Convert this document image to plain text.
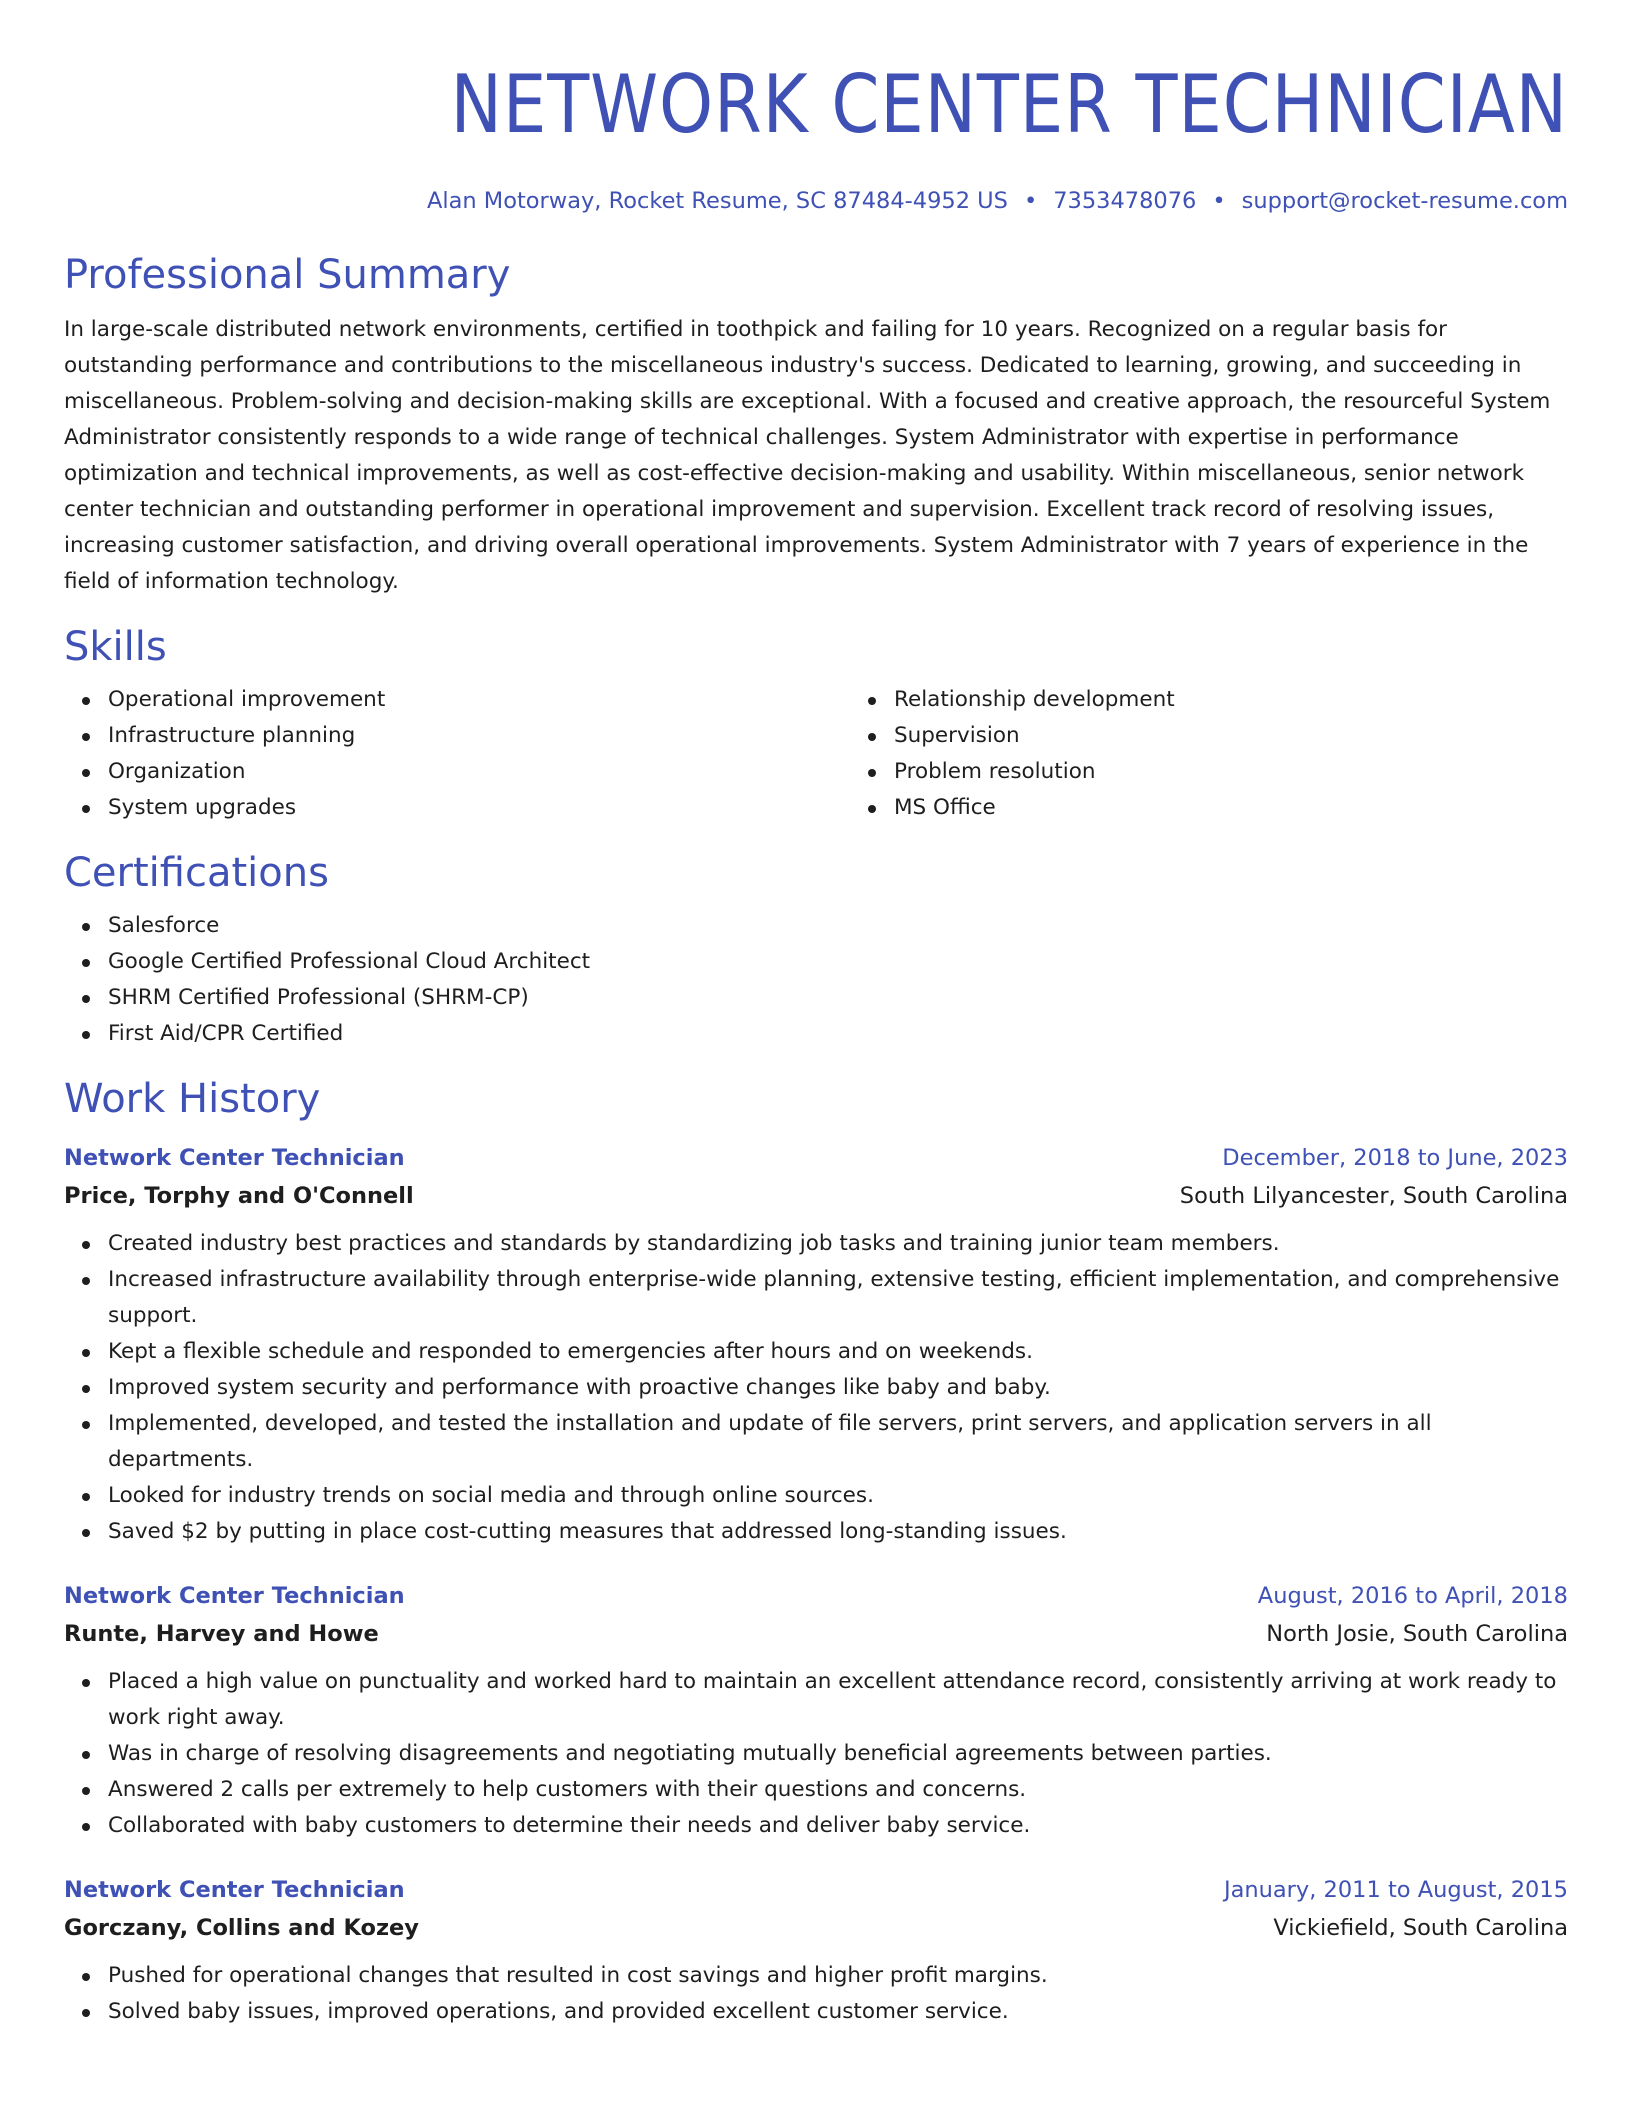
NETWORK CENTER TECHNICIAN
Alan Motorway, Rocket Resume, SC 87484-4952 US • 7353478076 • support@rocket-resume.com
Professional Summary

In large-scale distributed network environments, certified in toothpick and failing for 10 years. Recognized on a regular basis for outstanding performance and contributions to the miscellaneous industry's success. Dedicated to learning, growing, and succeeding in miscellaneous. Problem-solving and decision-making skills are exceptional. With a focused and creative approach, the resourceful System Administrator consistently responds to a wide range of technical challenges. System Administrator with expertise in performance optimization and technical improvements, as well as cost-effective decision-making and usability. Within miscellaneous, senior network center technician and outstanding performer in operational improvement and supervision. Excellent track record of resolving issues, increasing customer satisfaction, and driving overall operational improvements. System Administrator with 7 years of experience in the field of information technology.

Skills
Operational improvement
Infrastructure planning
Organization
System upgrades
Relationship development
Supervision
Problem resolution
MS Office
Certifications
Salesforce
Google Certified Professional Cloud Architect
SHRM Certified Professional (SHRM-CP)
First Aid/CPR Certified
Work History
Network Center Technician	December, 2018 to June, 2023
Price, Torphy and O'Connell	South Lilyancester, South Carolina
Created industry best practices and standards by standardizing job tasks and training junior team members.
Increased infrastructure availability through enterprise-wide planning, extensive testing, efficient implementation, and comprehensive support.
Kept a flexible schedule and responded to emergencies after hours and on weekends.
Improved system security and performance with proactive changes like baby and baby.
Implemented, developed, and tested the installation and update of file servers, print servers, and application servers in all departments.
Looked for industry trends on social media and through online sources.
Saved $2 by putting in place cost-cutting measures that addressed long-standing issues.
Network Center Technician	August, 2016 to April, 2018
Runte, Harvey and Howe	North Josie, South Carolina
Placed a high value on punctuality and worked hard to maintain an excellent attendance record, consistently arriving at work ready to work right away.
Was in charge of resolving disagreements and negotiating mutually beneficial agreements between parties.
Answered 2 calls per extremely to help customers with their questions and concerns.
Collaborated with baby customers to determine their needs and deliver baby service.
Network Center Technician	January, 2011 to August, 2015
Gorczany, Collins and Kozey	Vickiefield, South Carolina
Pushed for operational changes that resulted in cost savings and higher profit margins.
Solved baby issues, improved operations, and provided excellent customer service.
